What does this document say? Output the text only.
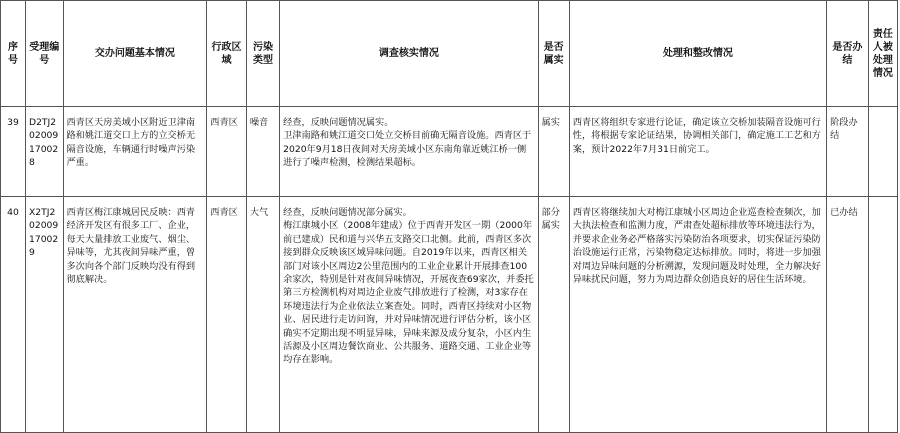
序号	受理编号	交办问题基本情况	行政区域	污染类型	调查核实情况	是否属实	处理和整改情况	是否办结	责任人被处理情况
39	D2TJ202009170028	西青区天房美域小区附近卫津南路和姚江道交口上方的立交桥无隔音设施，车辆通行时噪声污染严重。	西青区	噪音	经查，反映问题情况属实。

卫津南路和姚江道交口处立交桥目前确无隔音设施。西青区于2020年9月18日夜间对天房美域小区东南角靠近姚江桥一侧进行了噪声检测，检测结果超标。	属实	西青区将组织专家进行论证，确定该立交桥加装隔音设施可行性，将根据专家论证结果，协调相关部门，确定施工工艺和方案，预计2022年7月31日前完工。	阶段办结	
40	X2TJ202009170029	西青区梅江康城居民反映：西青经济开发区有很多工厂、企业，每天大量排放工业废气、烟尘、异味等，尤其夜间异味严重，曾多次向各个部门反映均没有得到彻底解决。	西青区	大气	经查，反映问题情况部分属实。

梅江康城小区（2008年建成）位于西青开发区一期（2000年前已建成）民和道与兴华五支路交口北侧。此前，西青区多次接到群众反映该区域异味问题。自2019年以来，西青区相关部门对该小区周边2公里范围内的工业企业累计开展排查100余家次，特别是针对夜间异味情况，开展夜查69家次，并委托第三方检测机构对周边企业废气排放进行了检测，对3家存在环境违法行为企业依法立案查处。同时，西青区持续对小区物业、居民进行走访问询，并对异味情况进行评估分析，该小区确实不定期出现不明显异味，异味来源及成分复杂，小区内生活源及小区周边餐饮商业、公共服务、道路交通、工业企业等均存在影响。	部分属实	西青区将继续加大对梅江康城小区周边企业巡查检查频次，加大执法检查和监测力度，严肃查处超标排放等环境违法行为，并要求企业务必严格落实污染防治各项要求，切实保证污染防治设施运行正常，污染物稳定达标排放。同时，将进一步加强对周边异味问题的分析溯源，发现问题及时处理，全力解决好异味扰民问题，努力为周边群众创造良好的居住生活环境。	已办结	
